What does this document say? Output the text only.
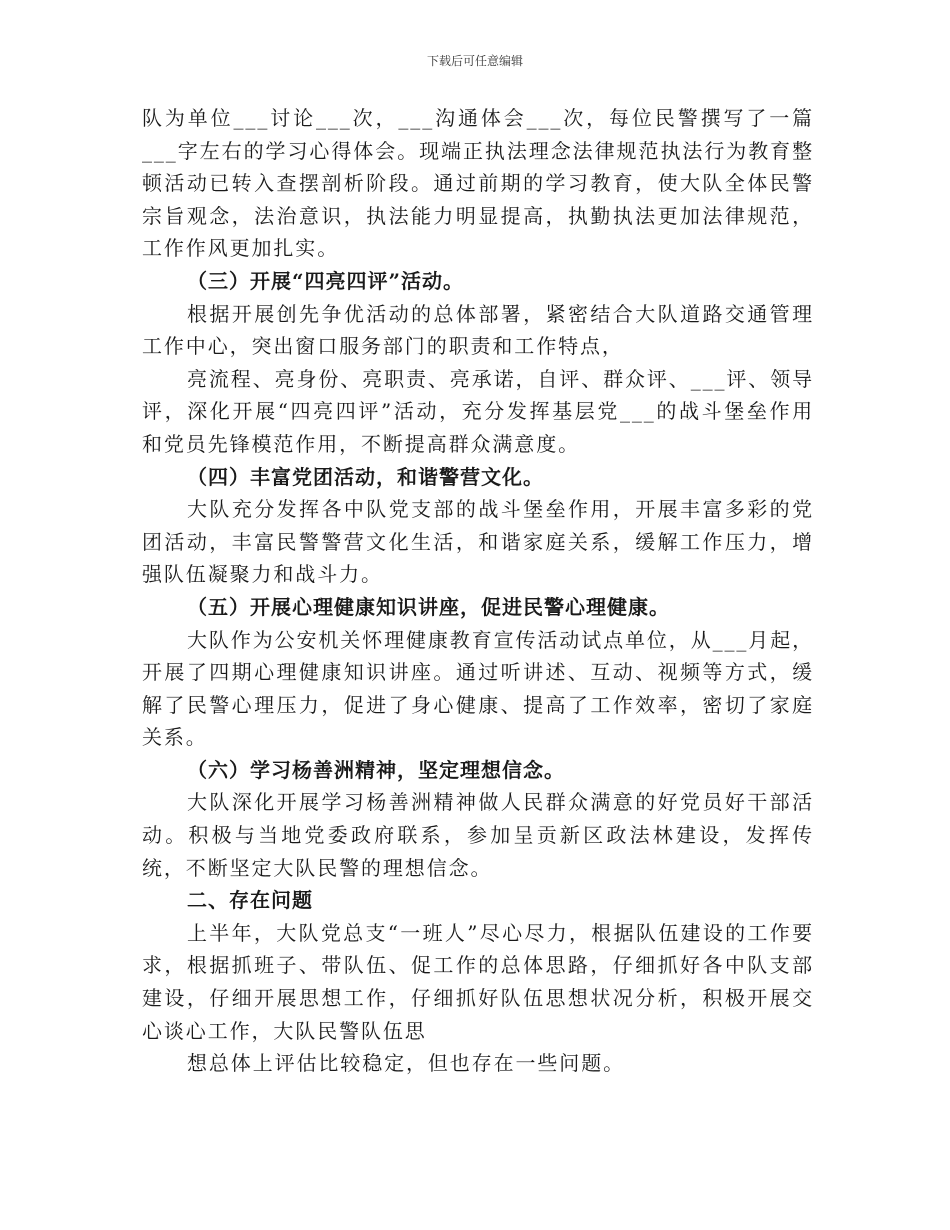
下载后可任意编辑

队为单位___讨论___次，___沟通体会___次，每位民警撰写了一篇___字左右的学习心得体会。现端正执法理念法律规范执法行为教育整顿活动已转入查摆剖析阶段。通过前期的学习教育，使大队全体民警宗旨观念，法治意识，执法能力明显提高，执勤执法更加法律规范，工作作风更加扎实。

（三）开展“四亮四评”活动。

根据开展创先争优活动的总体部署，紧密结合大队道路交通管理工作中心，突出窗口服务部门的职责和工作特点，

亮流程、亮身份、亮职责、亮承诺，自评、群众评、___评、领导评，深化开展“四亮四评”活动，充分发挥基层党___的战斗堡垒作用和党员先锋模范作用，不断提高群众满意度。

（四）丰富党团活动，和谐警营文化。

大队充分发挥各中队党支部的战斗堡垒作用，开展丰富多彩的党团活动，丰富民警警营文化生活，和谐家庭关系，缓解工作压力，增强队伍凝聚力和战斗力。

（五）开展心理健康知识讲座，促进民警心理健康。

大队作为公安机关怀理健康教育宣传活动试点单位，从___月起，开展了四期心理健康知识讲座。通过听讲述、互动、视频等方式，缓解了民警心理压力，促进了身心健康、提高了工作效率，密切了家庭关系。

（六）学习杨善洲精神，坚定理想信念。

大队深化开展学习杨善洲精神做人民群众满意的好党员好干部活动。积极与当地党委政府联系，参加呈贡新区政法林建设，发挥传统，不断坚定大队民警的理想信念。

二、存在问题

上半年，大队党总支“一班人”尽心尽力，根据队伍建设的工作要求，根据抓班子、带队伍、促工作的总体思路，仔细抓好各中队支部建设，仔细开展思想工作，仔细抓好队伍思想状况分析，积极开展交心谈心工作，大队民警队伍思

想总体上评估比较稳定，但也存在一些问题。
